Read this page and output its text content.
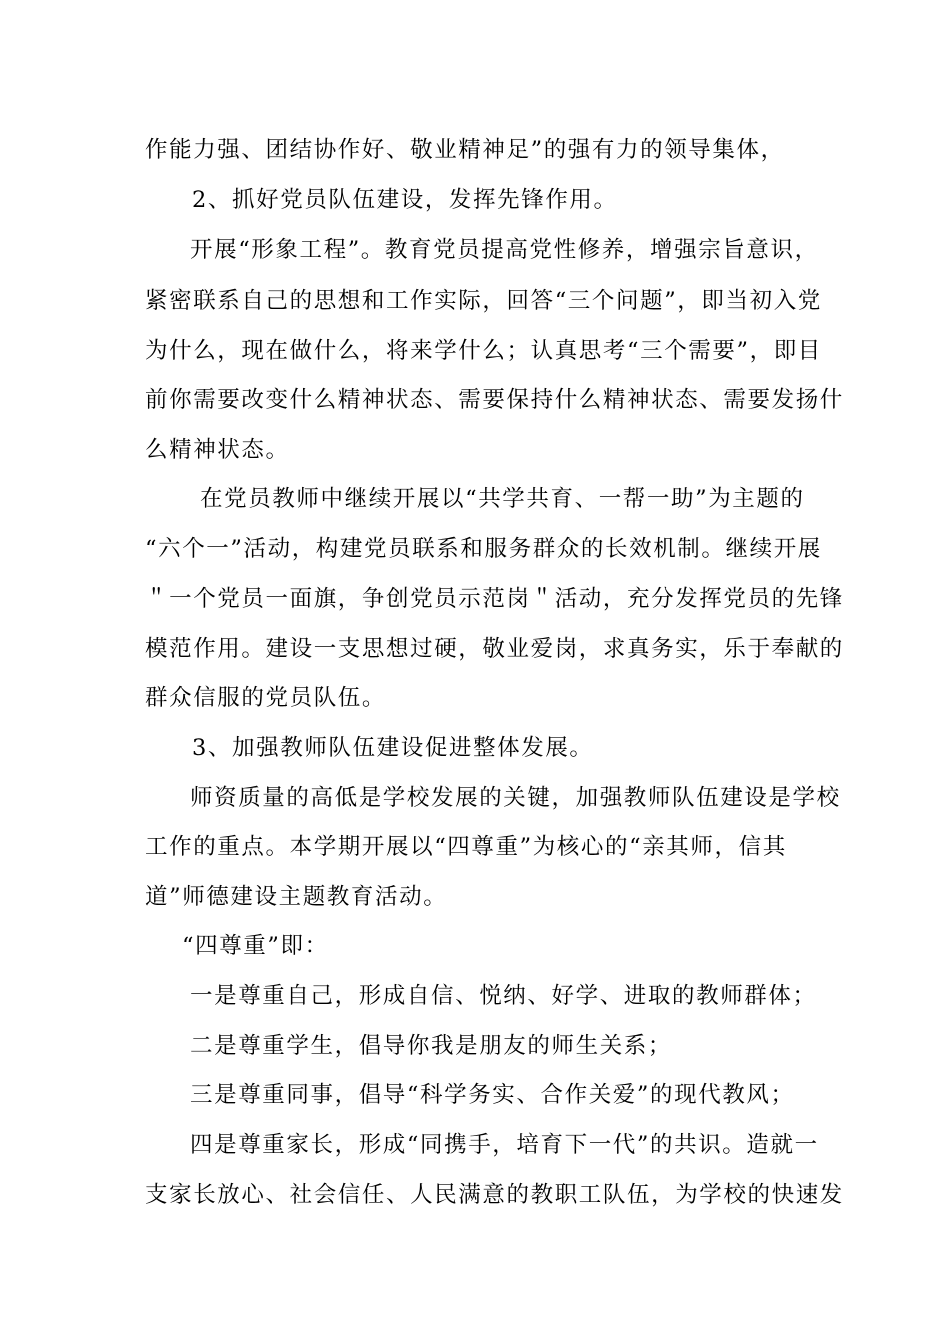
作能力强、团结协作好、敬业精神足”的强有力的领导集体，
2、抓好党员队伍建设，发挥先锋作用。
开展“形象工程”。教育党员提高党性修养，增强宗旨意识，
紧密联系自己的思想和工作实际，回答“三个问题”，即当初入党
为什么，现在做什么，将来学什么；认真思考“三个需要”，即目
前你需要改变什么精神状态、需要保持什么精神状态、需要发扬什
么精神状态。
在党员教师中继续开展以“共学共育、一帮一助”为主题的
“六个一”活动，构建党员联系和服务群众的长效机制。继续开展
＂一个党员一面旗，争创党员示范岗＂活动，充分发挥党员的先锋
模范作用。建设一支思想过硬，敬业爱岗，求真务实，乐于奉献的
群众信服的党员队伍。
3、加强教师队伍建设促进整体发展。
师资质量的高低是学校发展的关键，加强教师队伍建设是学校
工作的重点。本学期开展以“四尊重”为核心的“亲其师，信其
道”师德建设主题教育活动。
“四尊重”即：
一是尊重自己，形成自信、悦纳、好学、进取的教师群体；
二是尊重学生，倡导你我是朋友的师生关系；
三是尊重同事，倡导“科学务实、合作关爱”的现代教风；
四是尊重家长，形成“同携手，培育下一代”的共识。造就一
支家长放心、社会信任、人民满意的教职工队伍，为学校的快速发
